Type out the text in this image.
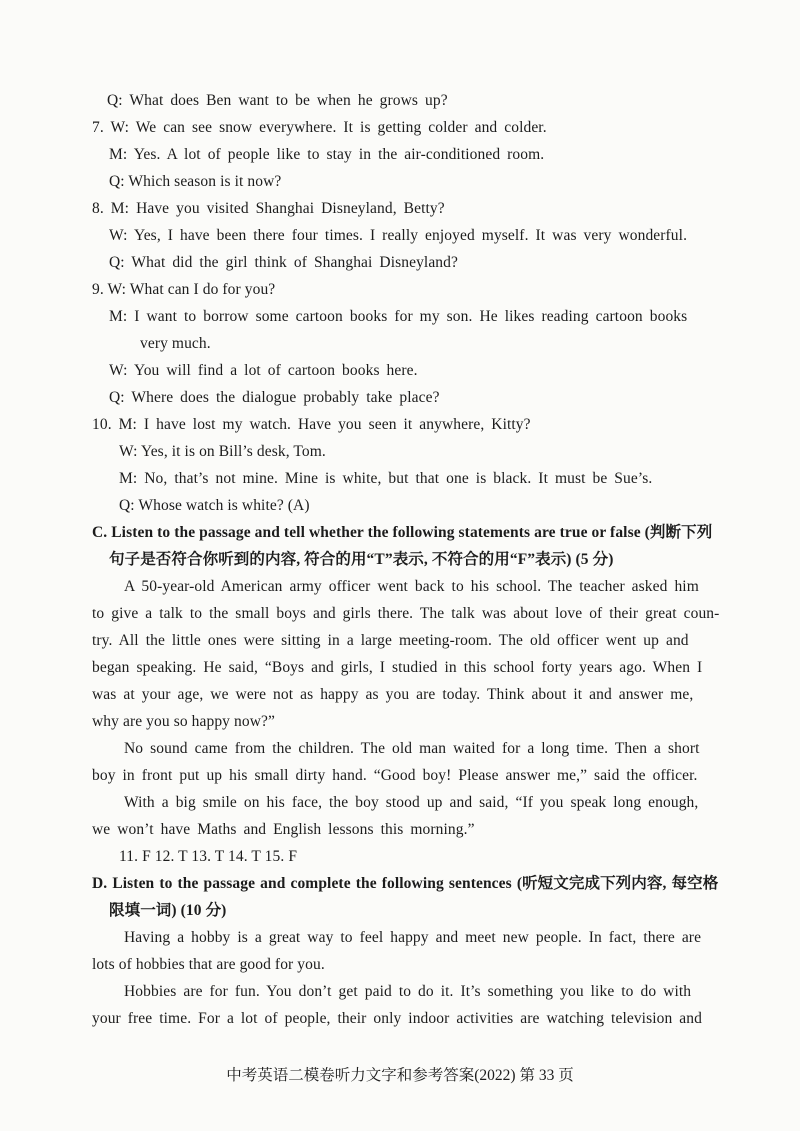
Q: What does Ben want to be when he grows up?
7. W: We can see snow everywhere. It is getting colder and colder.
M: Yes. A lot of people like to stay in the air-conditioned room.
Q: Which season is it now?
8. M: Have you visited Shanghai Disneyland, Betty?
W: Yes, I have been there four times. I really enjoyed myself. It was very wonderful.
Q: What did the girl think of Shanghai Disneyland?
9. W: What can I do for you?
M: I want to borrow some cartoon books for my son. He likes reading cartoon books
very much.
W: You will find a lot of cartoon books here.
Q: Where does the dialogue probably take place?
10. M: I have lost my watch. Have you seen it anywhere, Kitty?
W: Yes, it is on Bill’s desk, Tom.
M: No, that’s not mine. Mine is white, but that one is black. It must be Sue’s.
Q: Whose watch is white? (A)
C. Listen to the passage and tell whether the following statements are true or false (判断下列
句子是否符合你听到的内容, 符合的用“T”表示, 不符合的用“F”表示) (5 分)
A 50-year-old American army officer went back to his school. The teacher asked him
to give a talk to the small boys and girls there. The talk was about love of their great coun-
try. All the little ones were sitting in a large meeting-room. The old officer went up and
began speaking. He said, “Boys and girls, I studied in this school forty years ago. When I
was at your age, we were not as happy as you are today. Think about it and answer me,
why are you so happy now?”
No sound came from the children. The old man waited for a long time. Then a short
boy in front put up his small dirty hand. “Good boy! Please answer me,” said the officer.
With a big smile on his face, the boy stood up and said, “If you speak long enough,
we won’t have Maths and English lessons this morning.”
11. F 12. T 13. T 14. T 15. F
D. Listen to the passage and complete the following sentences (听短文完成下列内容, 每空格
限填一词) (10 分)
Having a hobby is a great way to feel happy and meet new people. In fact, there are
lots of hobbies that are good for you.
Hobbies are for fun. You don’t get paid to do it. It’s something you like to do with
your free time. For a lot of people, their only indoor activities are watching television and
中考英语二模卷听力文字和参考答案(2022) 第 33 页
